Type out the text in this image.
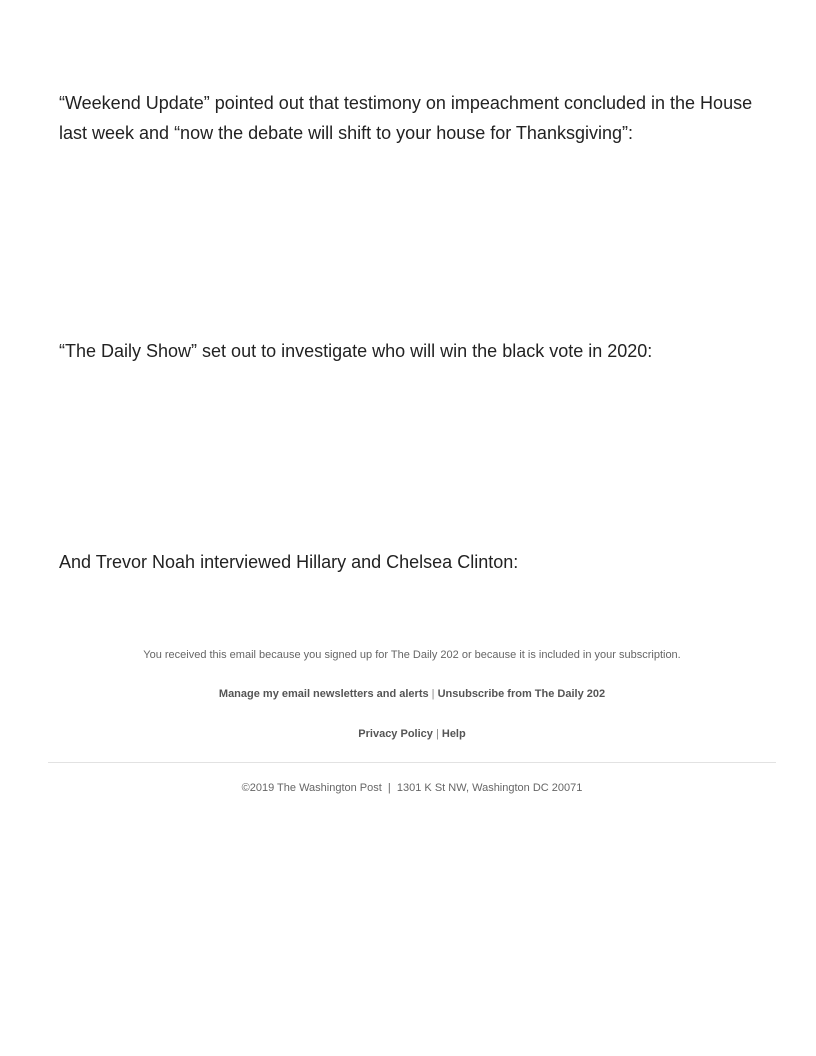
“Weekend Update” pointed out that testimony on impeachment concluded in the House last week and “now the debate will shift to your house for Thanksgiving”:

“The Daily Show” set out to investigate who will win the black vote in 2020:

And Trevor Noah interviewed Hillary and Chelsea Clinton:

You received this email because you signed up for The Daily 202 or because it is included in your subscription.

Manage my email newsletters and alerts | Unsubscribe from The Daily 202

Privacy Policy | Help

©2019 The Washington Post  |  1301 K St NW, Washington DC 20071
